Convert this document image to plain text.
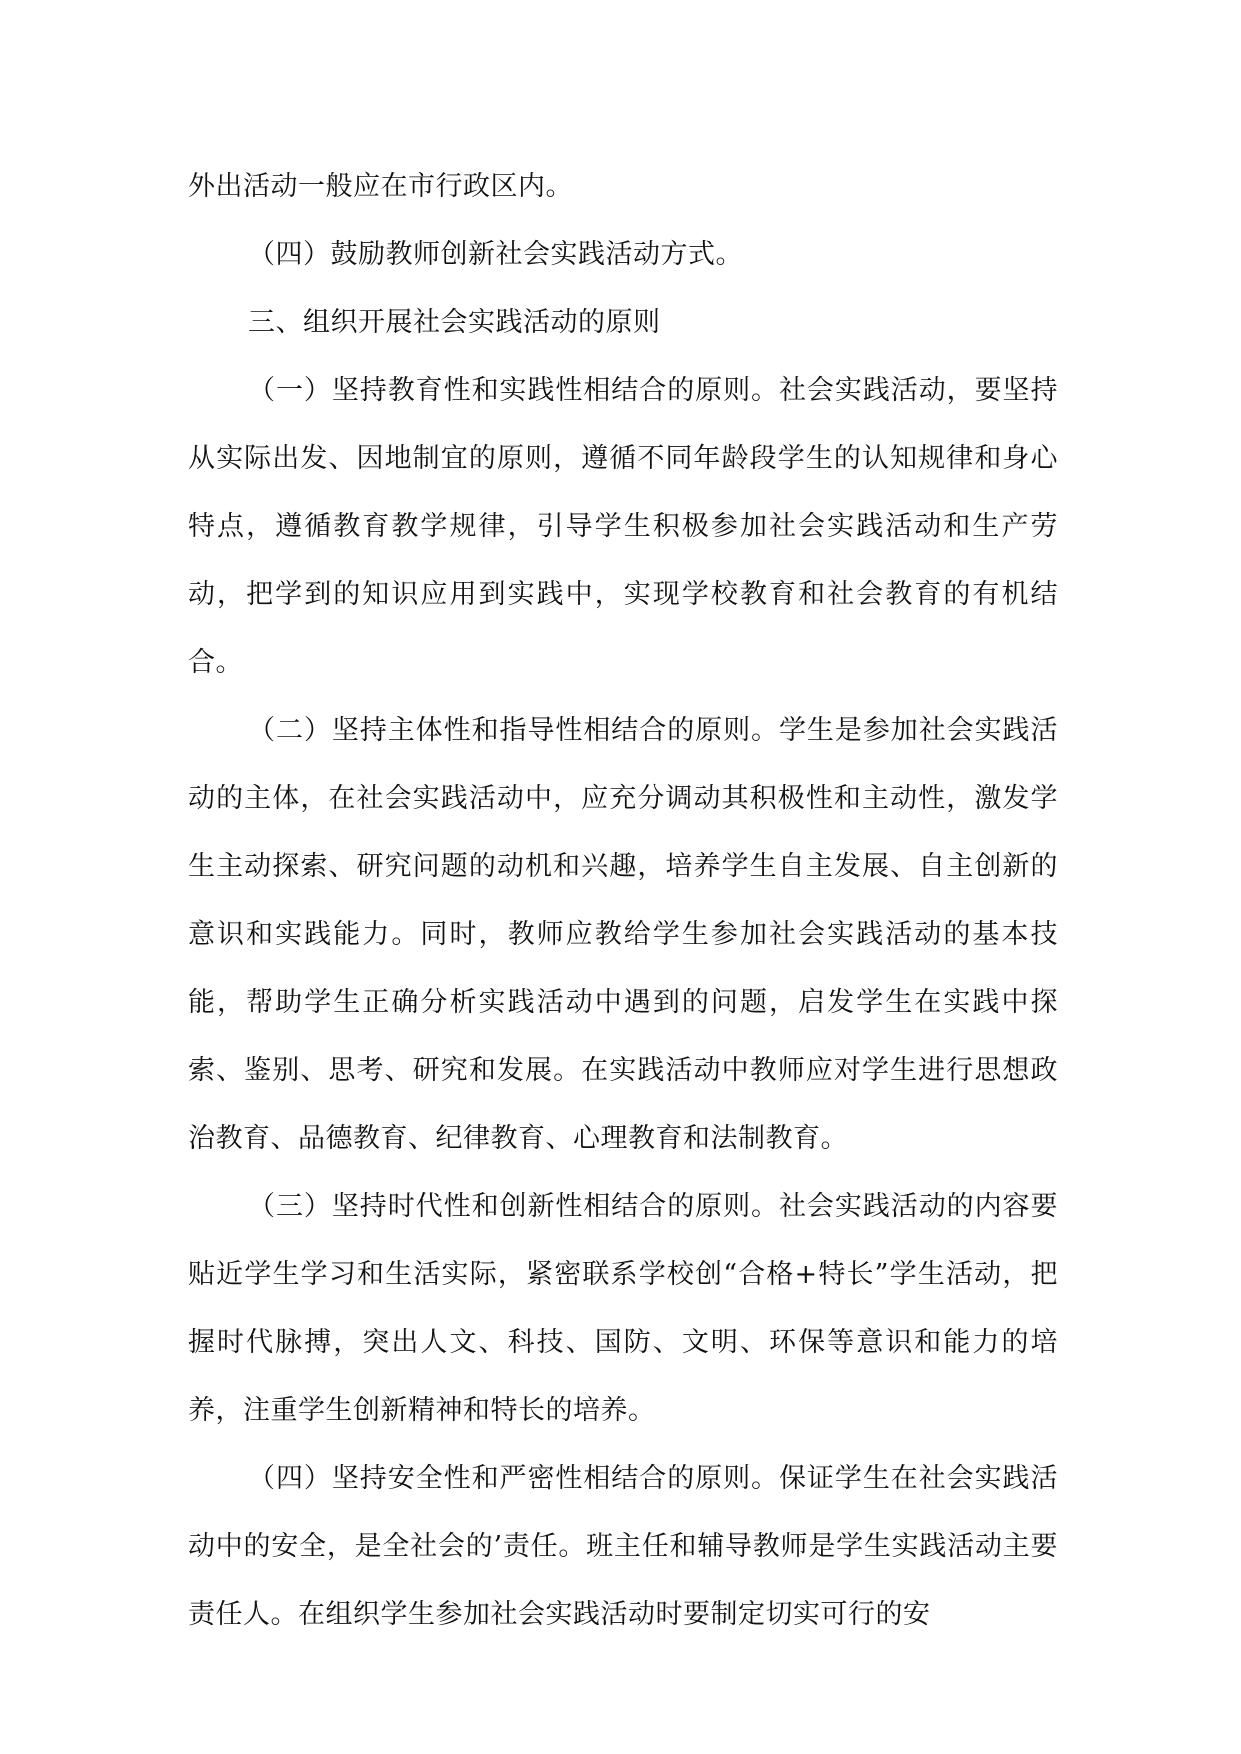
外出活动一般应在市行政区内。

（四）鼓励教师创新社会实践活动方式。

三、组织开展社会实践活动的原则

（一）坚持教育性和实践性相结合的原则。社会实践活动，要坚持从实际出发、因地制宜的原则，遵循不同年龄段学生的认知规律和身心特点，遵循教育教学规律，引导学生积极参加社会实践活动和生产劳动，把学到的知识应用到实践中，实现学校教育和社会教育的有机结合。

（二）坚持主体性和指导性相结合的原则。学生是参加社会实践活动的主体，在社会实践活动中，应充分调动其积极性和主动性，激发学生主动探索、研究问题的动机和兴趣，培养学生自主发展、自主创新的意识和实践能力。同时，教师应教给学生参加社会实践活动的基本技能，帮助学生正确分析实践活动中遇到的问题，启发学生在实践中探索、鉴别、思考、研究和发展。在实践活动中教师应对学生进行思想政治教育、品德教育、纪律教育、心理教育和法制教育。

（三）坚持时代性和创新性相结合的原则。社会实践活动的内容要贴近学生学习和生活实际，紧密联系学校创“合格+特长”学生活动，把握时代脉搏，突出人文、科技、国防、文明、环保等意识和能力的培养，注重学生创新精神和特长的培养。

（四）坚持安全性和严密性相结合的原则。保证学生在社会实践活动中的安全，是全社会的’责任。班主任和辅导教师是学生实践活动主要责任人。在组织学生参加社会实践活动时要制定切实可行的安
